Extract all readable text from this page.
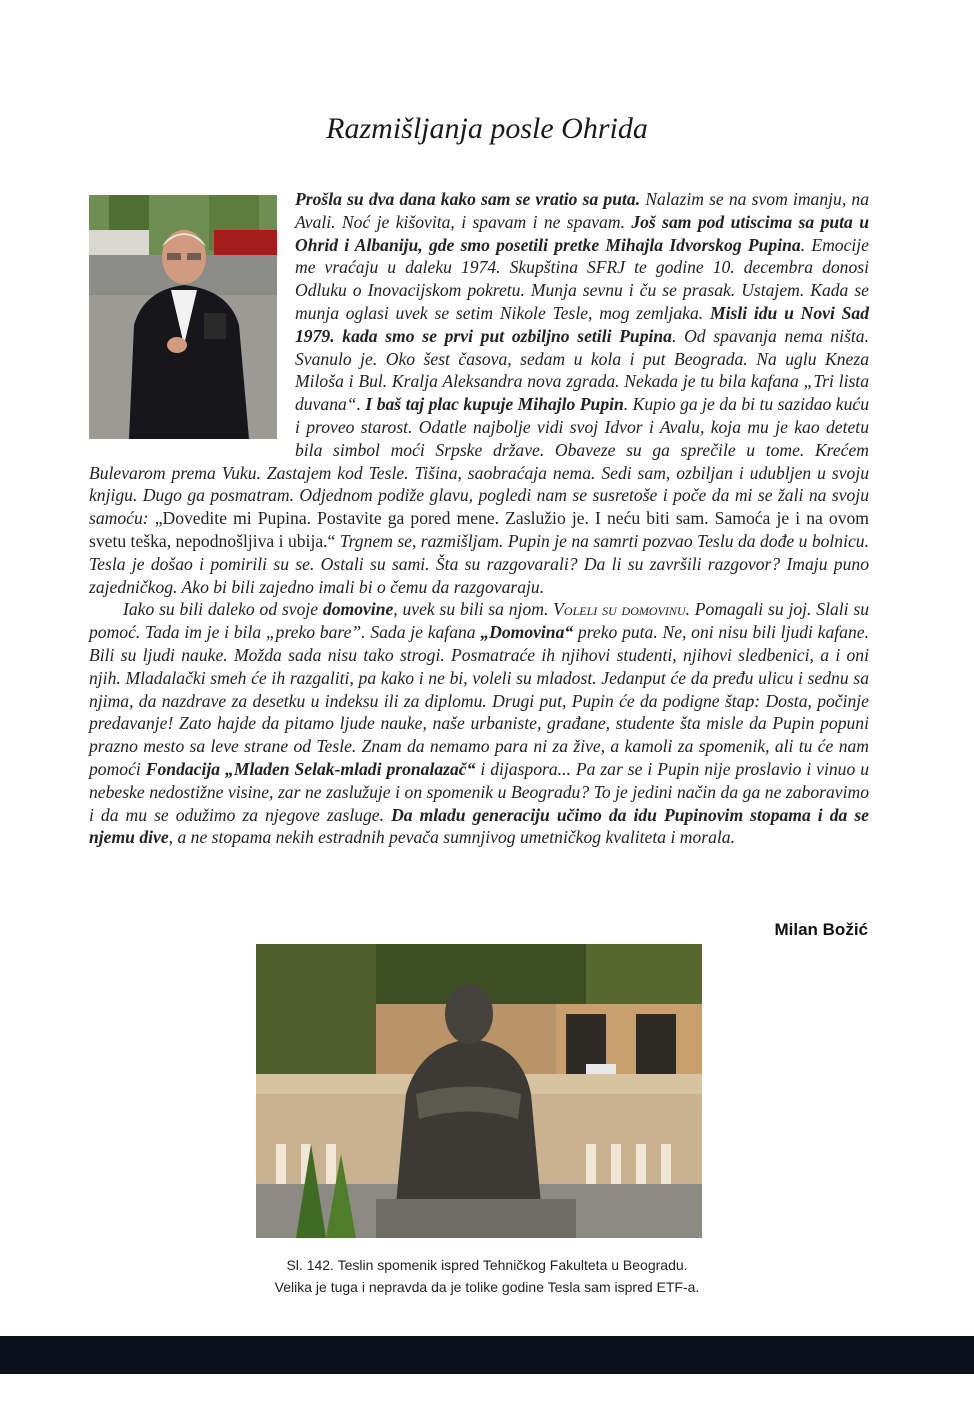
Razmišljanja posle Ohrida

Prošla su dva dana kako sam se vratio sa puta. Nalazim se na svom imanju, na Avali. Noć je kišovita, i spavam i ne spavam. Još sam pod utiscima sa puta u Ohrid i Albaniju, gde smo posetili pretke Mihajla Idvorskog Pupina. Emocije me vraćaju u daleku 1974. Skupština SFRJ te godine 10. decembra donosi Odluku o Inovacijskom pokretu. Munja sevnu i ču se prasak. Ustajem. Kada se munja oglasi uvek se setim Nikole Tesle, mog zemljaka. Misli idu u Novi Sad 1979. kada smo se prvi put ozbiljno setili Pupina. Od spavanja nema ništa. Svanulo je. Oko šest časova, sedam u kola i put Beograda. Na uglu Kneza Miloša i Bul. Kralja Aleksandra nova zgrada. Nekada je tu bila kafana „Tri lista duvana“. I baš taj plac kupuje Mihajlo Pupin. Kupio ga je da bi tu sazidao kuću i proveo starost. Odatle najbolje vidi svoj Idvor i Avalu, koja mu je kao detetu bila simbol moći Srpske države. Obaveze su ga sprečile u tome. Krećem Bulevarom prema Vuku. Zastajem kod Tesle. Tišina, saobraćaja nema. Sedi sam, ozbiljan i udubljen u svoju knjigu. Dugo ga posmatram. Odjednom podiže glavu, pogledi nam se susretoše i poče da mi se žali na svoju samoću: „Dovedite mi Pupina. Postavite ga pored mene. Zaslužio je. I neću biti sam. Samoća je i na ovom svetu teška, nepodnošljiva i ubija.“ Trgnem se, razmišljam. Pupin je na samrti pozvao Teslu da dođe u bolnicu. Tesla je došao i pomirili su se. Ostali su sami. Šta su razgovarali? Da li su završili razgovor? Imaju puno zajedničkog. Ako bi bili zajedno imali bi o čemu da razgovaraju.

Iako su bili daleko od svoje domovine, uvek su bili sa njom. Voleli su domovinu. Pomagali su joj. Slali su pomoć. Tada im je i bila „preko bare”. Sada je kafana „Domovina“ preko puta. Ne, oni nisu bili ljudi kafane. Bili su ljudi nauke. Možda sada nisu tako strogi. Posmatraće ih njihovi studenti, njihovi sledbenici, a i oni njih. Mladalački smeh će ih razgaliti, pa kako i ne bi, voleli su mladost. Jedanput će da pređu ulicu i sednu sa njima, da nazdrave za desetku u indeksu ili za diplomu. Drugi put, Pupin će da podigne štap: Dosta, počinje predavanje! Zato hajde da pitamo ljude nauke, naše urbaniste, građane, studente šta misle da Pupin popuni prazno mesto sa leve strane od Tesle. Znam da nemamo para ni za žive, a kamoli za spomenik, ali tu će nam pomoći Fondacija „Mladen Selak-mladi pronalazač“ i dijaspora... Pa zar se i Pupin nije proslavio i vinuo u nebeske nedostižne visine, zar ne zaslužuje i on spomenik u Beogradu? To je jedini način da ga ne zaboravimo i da mu se odužimo za njegove zasluge. Da mladu generaciju učimo da idu Pupinovim stopama i da se njemu dive, a ne stopama nekih estradnih pevača sumnjivog umetničkog kvaliteta i morala.

Milan Božić
Sl. 142. Teslin spomenik ispred Tehničkog Fakulteta u Beogradu.
Velika je tuga i nepravda da je tolike godine Tesla sam ispred ETF-a.
